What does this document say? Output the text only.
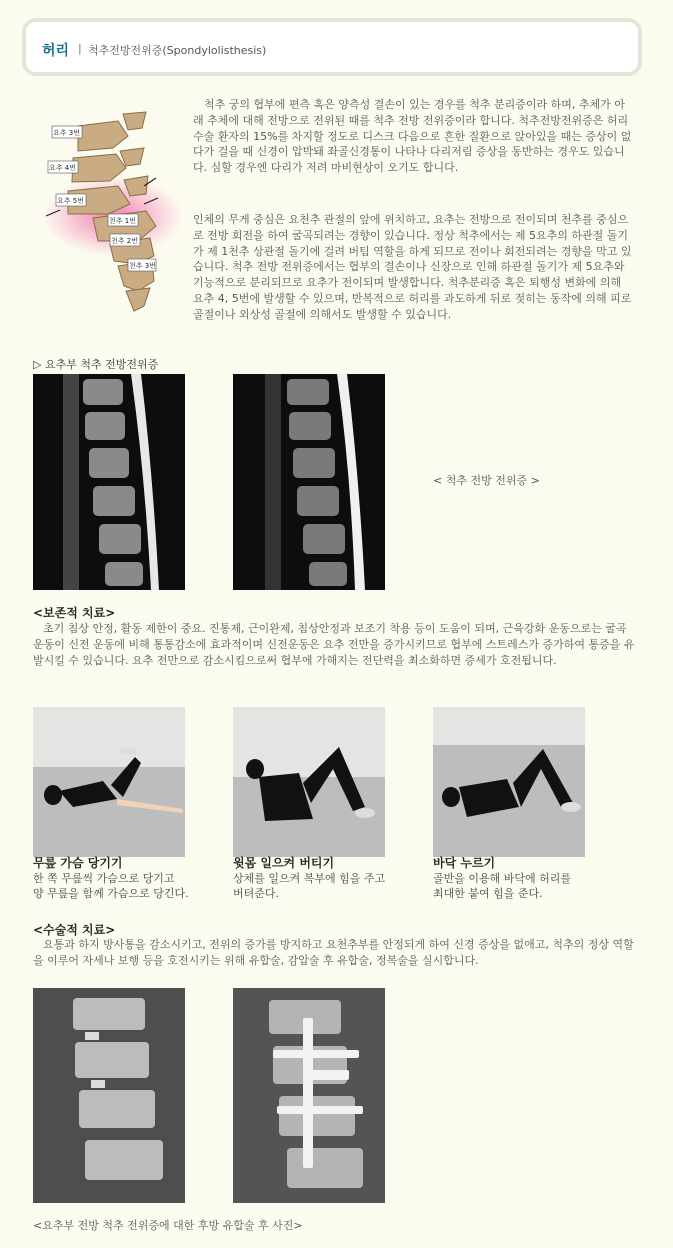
허리 | 척추전방전위증(Spondylolisthesis)
요추 3번
요추 4번
요추 5번
천추 1번
천추 2번
천추 3번

척추 궁의 협부에 편측 혹은 양측성 결손이 있는 경우를 척추 분리증이라 하며, 추체가 아래 추체에 대해 전방으로 전위된 때를 척추 전방 전위증이라 합니다. 척추전방전위증은 허리수술 환자의 15%를 차지할 정도로 디스크 다음으로 흔한 질환으로 앉아있을 때는 증상이 없다가 걸을 때 신경이 압박돼 좌골신경통이 나타나 다리저림 증상을 동반하는 경우도 있습니다. 심할 경우엔 다리가 저려 마비현상이 오기도 합니다.

인체의 무게 중심은 요천추 관절의 앞에 위치하고, 요추는 전방으로 전이되며 천추를 중심으로 전방 회전을 하여 굴곡되려는 경향이 있습니다. 정상 척추에서는 제 5요추의 하관절 돌기가 제 1천추 상관절 돌기에 걸려 버팀 역할을 하게 되므로 전이나 회전되려는 경향을 막고 있습니다. 척추 전방 전위증에서는 협부의 결손이나 신장으로 인해 하관절 돌기가 제 5요추와 기능적으로 분리되므로 요추가 전이되며 발생합니다. 척추분리증 혹은 퇴행성 변화에 의해 요추 4, 5번에 발생할 수 있으며, 반복적으로 허리를 과도하게 뒤로 젖히는 동작에 의해 피로골절이나 외상성 골절에 의해서도 발생할 수 있습니다.

▷ 요추부 척추 전방전위증
< 척추 전방 전위증 >
<보존적 치료>

초기 침상 안정, 활동 제한이 중요. 진통제, 근이완제, 침상안정과 보조기 착용 등이 도움이 되며, 근육강화 운동으로는 굴곡 운동이 신전 운동에 비해 통통감소에 효과적이며 신전운동은 요추 전만을 증가시키므로 협부에 스트레스가 증가하여 통증을 유발시킬 수 있습니다. 요추 전만으로 감소시킴으로써 협부에 가해지는 전단력을 최소화하면 증세가 호전됩니다.

무릎 가슴 당기기
한 쪽 무릎씩 가슴으로 당기고
양 무릎을 함께 가슴으로 당긴다.
윗몸 일으켜 버티기
상체를 일으켜 복부에 힘을 주고
버텨준다.
바닥 누르기
골반을 이용해 바닥에 허리를
최대한 붙여 힘을 준다.
<수술적 치료>

요통과 하지 방사통을 감소시키고, 전위의 증가를 방지하고 요천추부를 안정되게 하여 신경 증상을 없애고, 척추의 정상 역할을 이루어 자세나 보행 등을 호전시키는 위해 유합술, 감압술 후 유합술, 정복술을 실시합니다.

<요추부 전방 척추 전위증에 대한 후방 유합술 후 사진>
